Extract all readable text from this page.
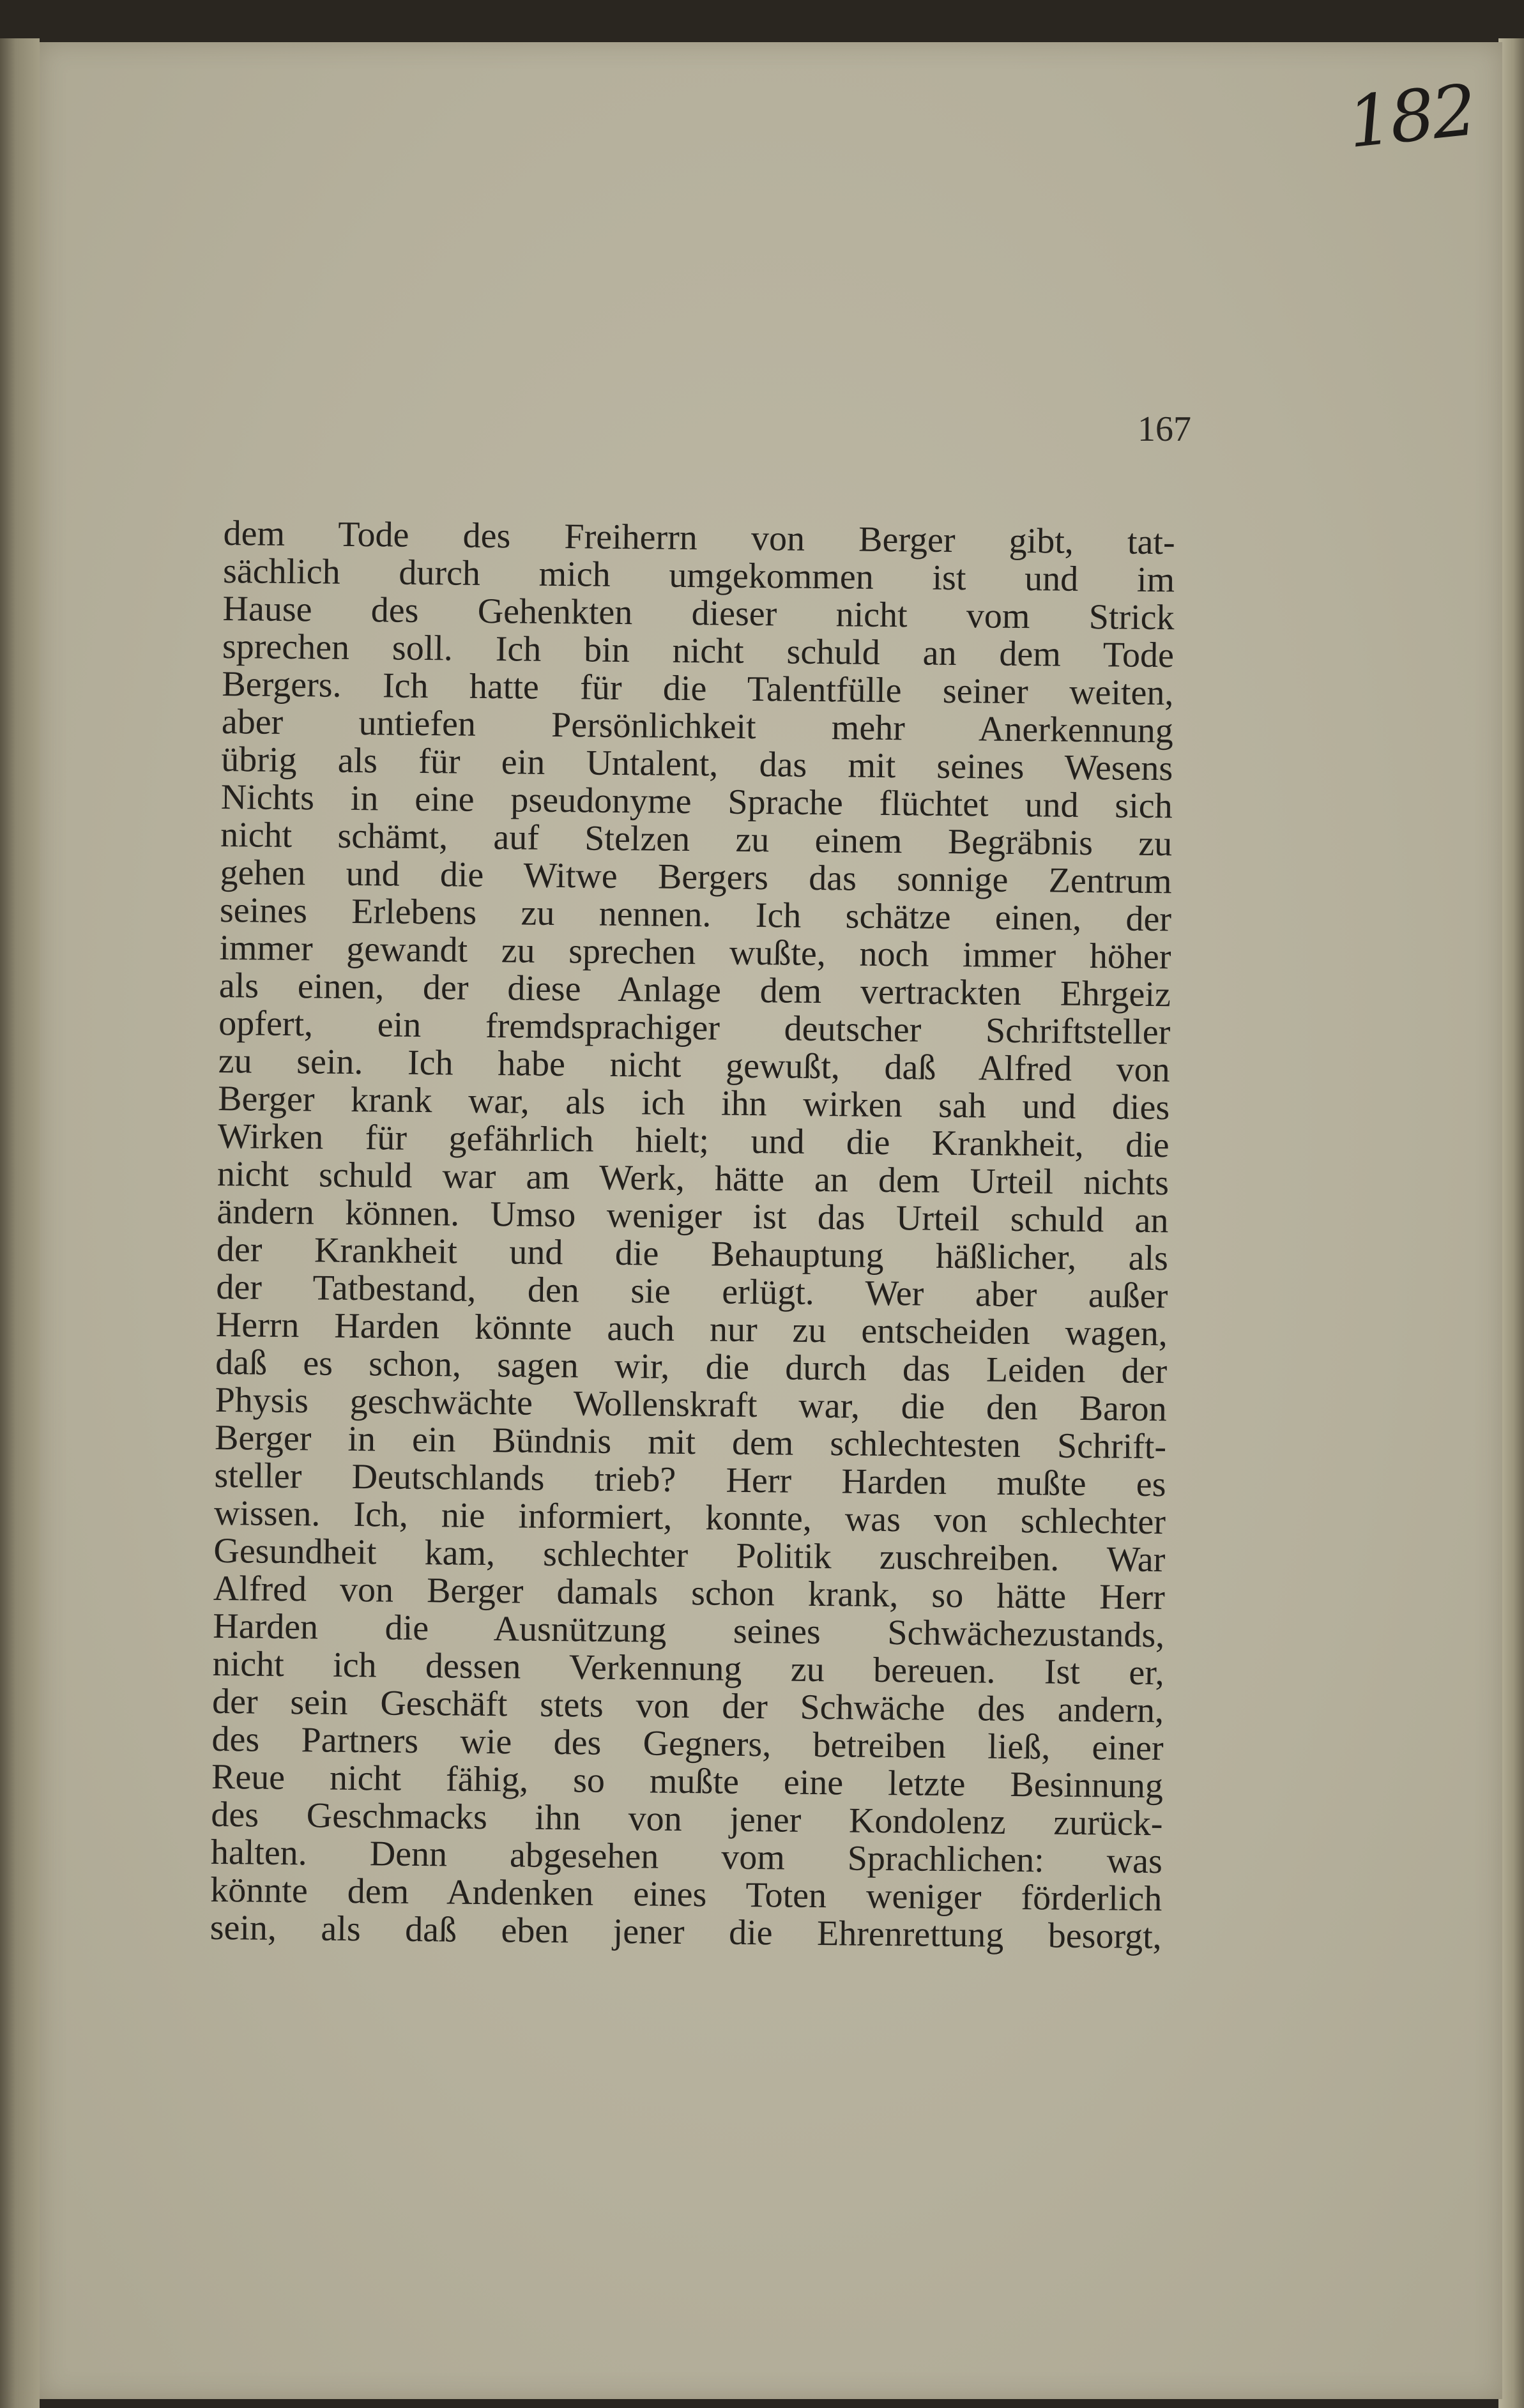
182
167
dem Tode des Freiherrn von Berger gibt, tat-
sächlich durch mich umgekommen ist und im
Hause des Gehenkten dieser nicht vom Strick
sprechen soll. Ich bin nicht schuld an dem Tode
Bergers. Ich hatte für die Talentfülle seiner weiten,
aber untiefen Persönlichkeit mehr Anerkennung
übrig als für ein Untalent, das mit seines Wesens
Nichts in eine pseudonyme Sprache flüchtet und sich
nicht schämt, auf Stelzen zu einem Begräbnis zu
gehen und die Witwe Bergers das sonnige Zentrum
seines Erlebens zu nennen. Ich schätze einen, der
immer gewandt zu sprechen wußte, noch immer höher
als einen, der diese Anlage dem vertrackten Ehrgeiz
opfert, ein fremdsprachiger deutscher Schriftsteller
zu sein. Ich habe nicht gewußt, daß Alfred von
Berger krank war, als ich ihn wirken sah und dies
Wirken für gefährlich hielt; und die Krankheit, die
nicht schuld war am Werk, hätte an dem Urteil nichts
ändern können. Umso weniger ist das Urteil schuld an
der Krankheit und die Behauptung häßlicher, als
der Tatbestand, den sie erlügt. Wer aber außer
Herrn Harden könnte auch nur zu entscheiden wagen,
daß es schon, sagen wir, die durch das Leiden der
Physis geschwächte Wollenskraft war, die den Baron
Berger in ein Bündnis mit dem schlechtesten Schrift-
steller Deutschlands trieb? Herr Harden mußte es
wissen. Ich, nie informiert, konnte, was von schlechter
Gesundheit kam, schlechter Politik zuschreiben. War
Alfred von Berger damals schon krank, so hätte Herr
Harden die Ausnützung seines Schwächezustands,
nicht ich dessen Verkennung zu bereuen. Ist er,
der sein Geschäft stets von der Schwäche des andern,
des Partners wie des Gegners, betreiben ließ, einer
Reue nicht fähig, so mußte eine letzte Besinnung
des Geschmacks ihn von jener Kondolenz zurück-
halten. Denn abgesehen vom Sprachlichen: was
könnte dem Andenken eines Toten weniger förderlich
sein, als daß eben jener die Ehrenrettung besorgt,
